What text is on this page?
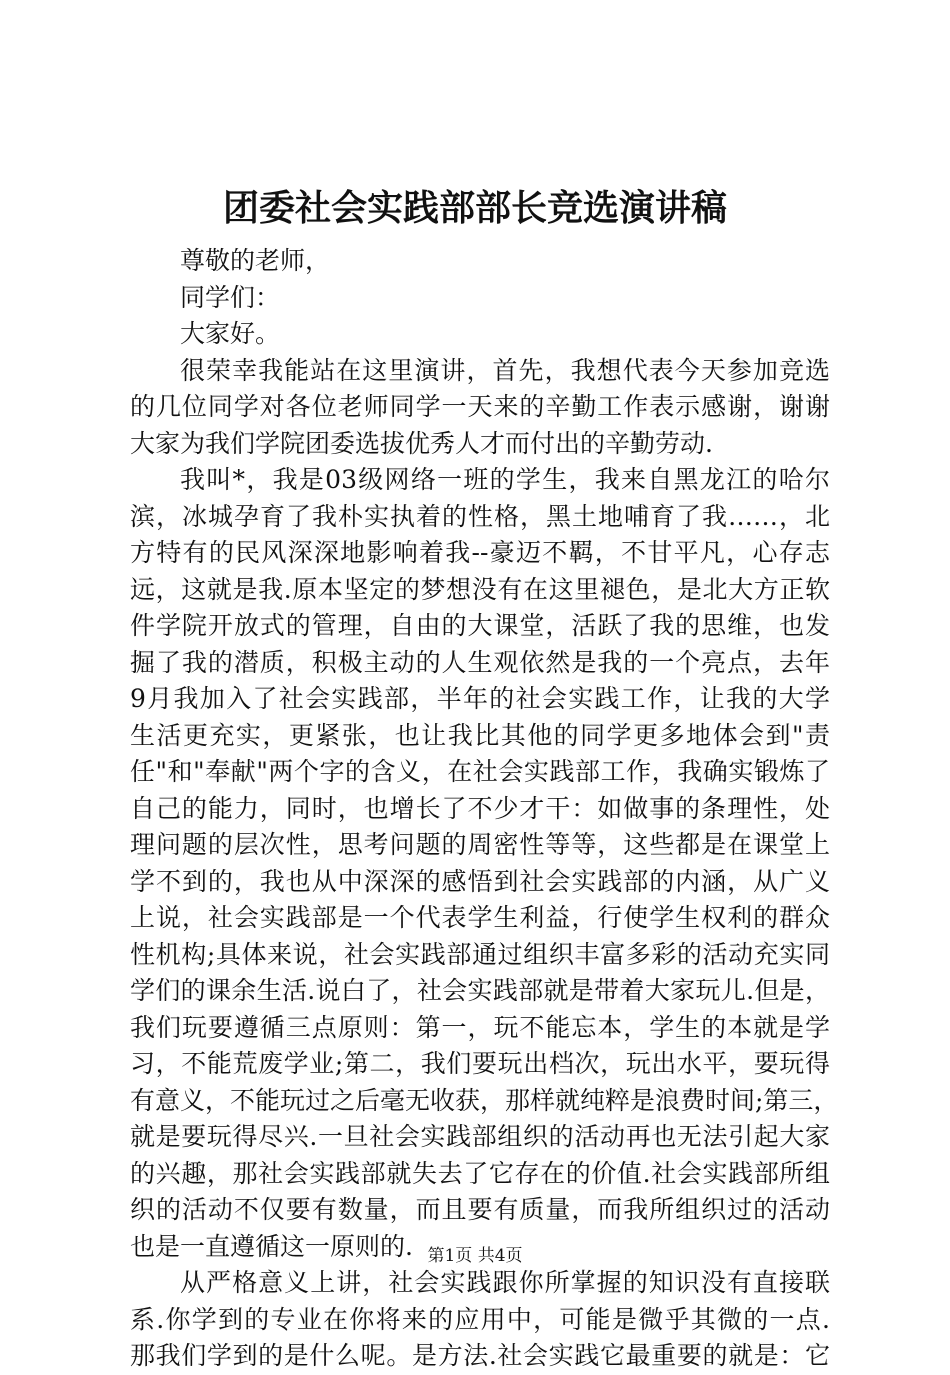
团委社会实践部部长竞选演讲稿

尊敬的老师，

同学们：

大家好。

很荣幸我能站在这里演讲，首先，我想代表今天参加竞选

的几位同学对各位老师同学一天来的辛勤工作表示感谢，谢谢

大家为我们学院团委选拔优秀人才而付出的辛勤劳动.

我叫*，我是03级网络一班的学生，我来自黑龙江的哈尔

滨，冰城孕育了我朴实执着的性格，黑土地哺育了我……，北

方特有的民风深深地影响着我--豪迈不羁，不甘平凡，心存志

远，这就是我.原本坚定的梦想没有在这里褪色，是北大方正软

件学院开放式的管理，自由的大课堂，活跃了我的思维，也发

掘了我的潜质，积极主动的人生观依然是我的一个亮点，去年

9月我加入了社会实践部，半年的社会实践工作，让我的大学

生活更充实，更紧张，也让我比其他的同学更多地体会到"责

任"和"奉献"两个字的含义，在社会实践部工作，我确实锻炼了

自己的能力，同时，也增长了不少才干：如做事的条理性，处

理问题的层次性，思考问题的周密性等等，这些都是在课堂上

学不到的，我也从中深深的感悟到社会实践部的内涵，从广义

上说，社会实践部是一个代表学生利益，行使学生权利的群众

性机构;具体来说，社会实践部通过组织丰富多彩的活动充实同

学们的课余生活.说白了，社会实践部就是带着大家玩儿.但是，

我们玩要遵循三点原则：第一，玩不能忘本，学生的本就是学

习，不能荒废学业;第二，我们要玩出档次，玩出水平，要玩得

有意义，不能玩过之后毫无收获，那样就纯粹是浪费时间;第三，

就是要玩得尽兴.一旦社会实践部组织的活动再也无法引起大家

的兴趣，那社会实践部就失去了它存在的价值.社会实践部所组

织的活动不仅要有数量，而且要有质量，而我所组织过的活动

也是一直遵循这一原则的.

从严格意义上讲，社会实践跟你所掌握的知识没有直接联

系.你学到的专业在你将来的应用中，可能是微乎其微的一点.

那我们学到的是什么呢。是方法.社会实践它最重要的就是：它

第1页 共4页
